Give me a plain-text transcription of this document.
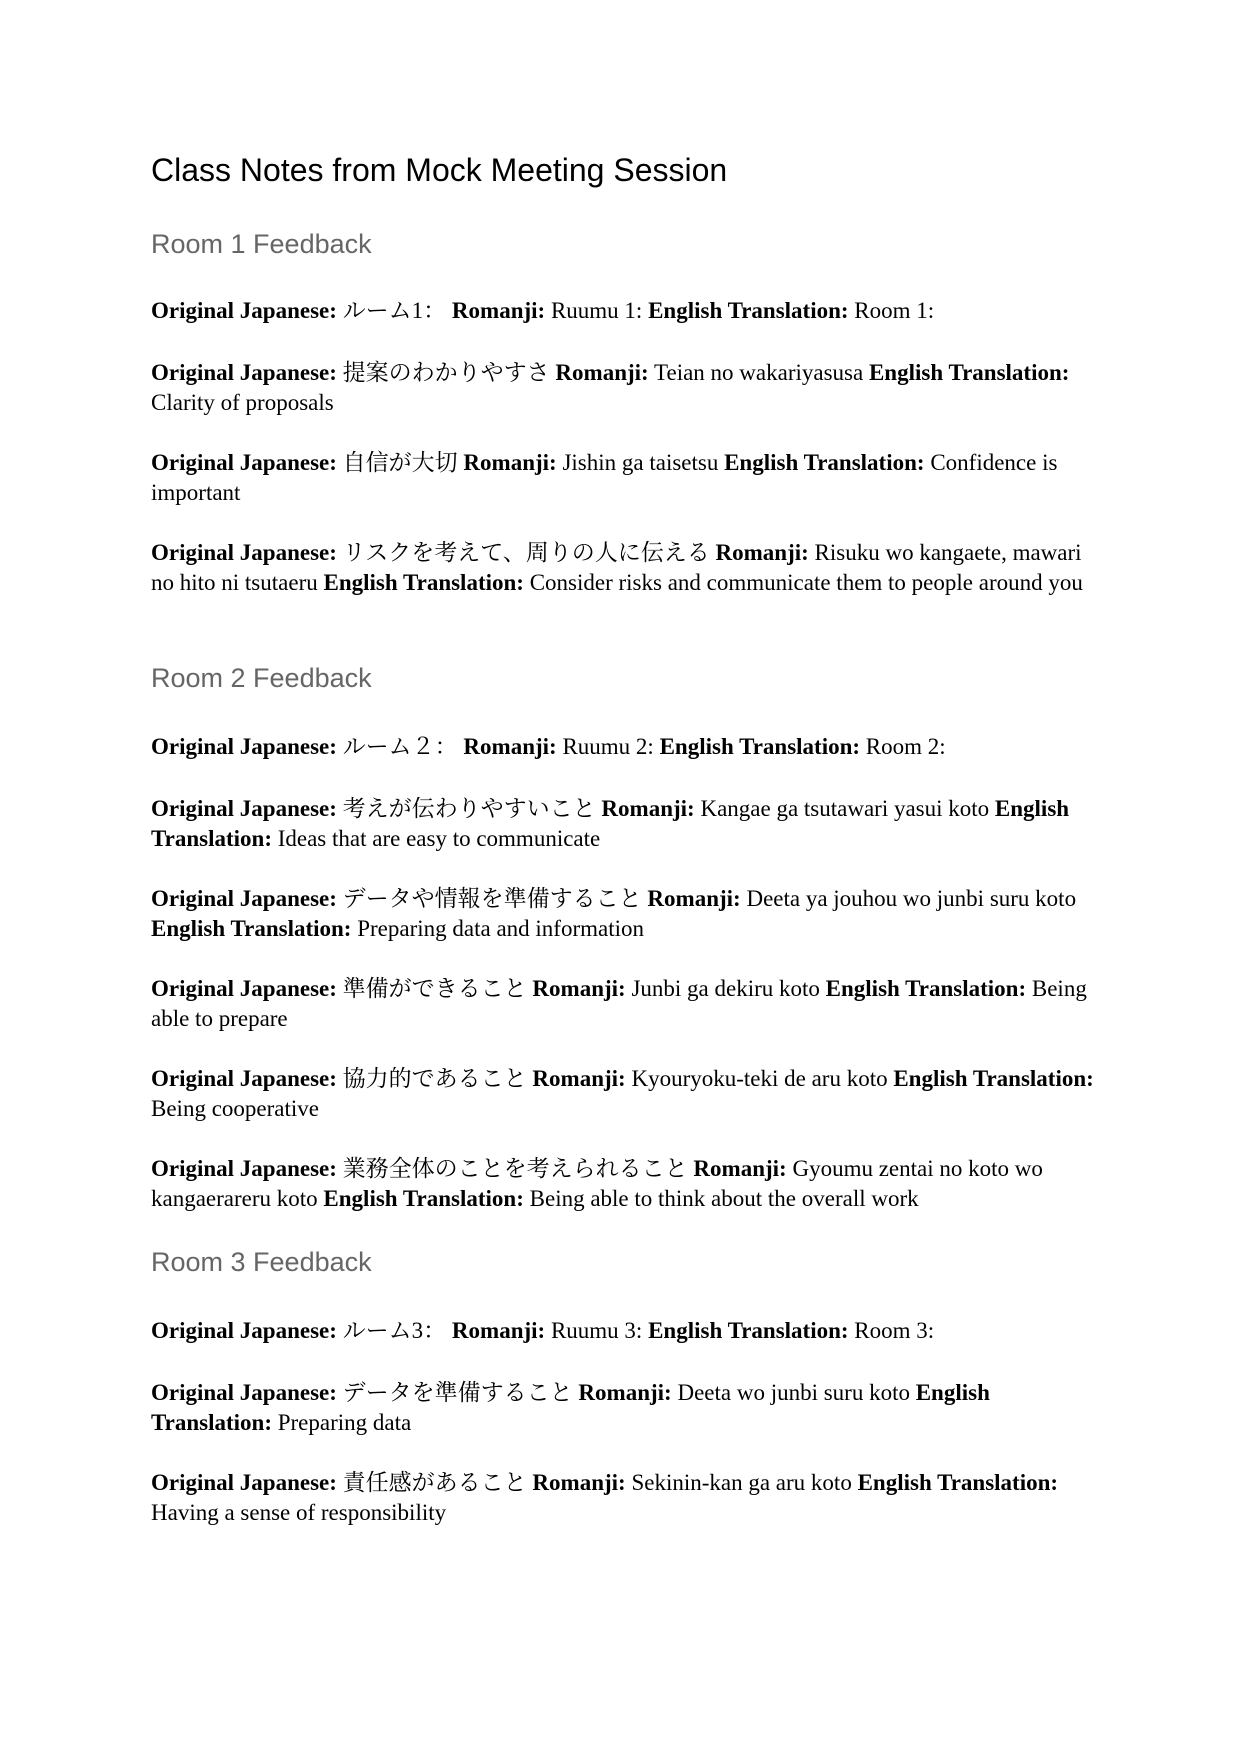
Class Notes from Mock Meeting Session
Room 1 Feedback

Original Japanese: ルーム1： Romanji: Ruumu 1: English Translation: Room 1:

Original Japanese: 提案のわかりやすさ Romanji: Teian no wakariyasusa English Translation: Clarity of proposals

Original Japanese: 自信が大切 Romanji: Jishin ga taisetsu English Translation: Confidence is important

Original Japanese: リスクを考えて、周りの人に伝える Romanji: Risuku wo kangaete, mawari no hito ni tsutaeru English Translation: Consider risks and communicate them to people around you

Room 2 Feedback

Original Japanese: ルーム２： Romanji: Ruumu 2: English Translation: Room 2:

Original Japanese: 考えが伝わりやすいこと Romanji: Kangae ga tsutawari yasui koto English Translation: Ideas that are easy to communicate

Original Japanese: データや情報を準備すること Romanji: Deeta ya jouhou wo junbi suru koto English Translation: Preparing data and information

Original Japanese: 準備ができること Romanji: Junbi ga dekiru koto English Translation: Being able to prepare

Original Japanese: 協力的であること Romanji: Kyouryoku-teki de aru koto English Translation: Being cooperative

Original Japanese: 業務全体のことを考えられること Romanji: Gyoumu zentai no koto wo kangaerareru koto English Translation: Being able to think about the overall work

Room 3 Feedback

Original Japanese: ルーム3： Romanji: Ruumu 3: English Translation: Room 3:

Original Japanese: データを準備すること Romanji: Deeta wo junbi suru koto English Translation: Preparing data

Original Japanese: 責任感があること Romanji: Sekinin-kan ga aru koto English Translation: Having a sense of responsibility
